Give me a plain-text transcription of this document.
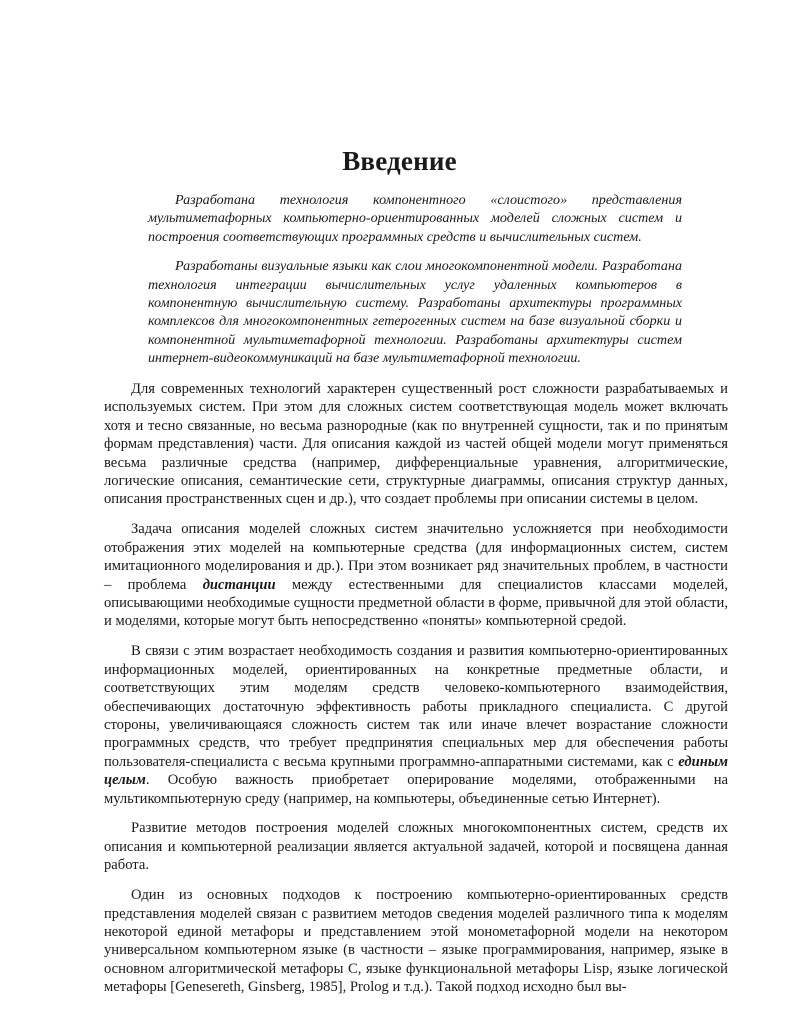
Введение

Разработана технология компонентного «слоистого» представления мультиметафорных компьютерно-ориентированных моделей сложных систем и построения соответствующих программных средств и вычислительных систем.

Разработаны визуальные языки как слои многокомпонентной модели. Разработана технология интеграции вычислительных услуг удаленных компьютеров в компонентную вычислительную систему. Разработаны архитектуры программных комплексов для многокомпонентных гетерогенных систем на базе визуальной сборки и компонентной мультиметафорной технологии. Разработаны архитектуры систем интернет-видеокоммуникаций на базе мультиметафорной технологии.

Для современных технологий характерен существенный рост сложности разрабатываемых и используемых систем. При этом для сложных систем соответствующая модель может включать хотя и тесно связанные, но весьма разнородные (как по внутренней сущности, так и по принятым формам представления) части. Для описания каждой из частей общей модели могут применяться весьма различные средства (например, дифференциальные уравнения, алгоритмические, логические описания, семантические сети, структурные диаграммы, описания структур данных, описания пространственных сцен и др.), что создает проблемы при описании системы в целом.

Задача описания моделей сложных систем значительно усложняется при необходимости отображения этих моделей на компьютерные средства (для информационных систем, систем имитационного моделирования и др.). При этом возникает ряд значительных проблем, в частности – проблема дистанции между естественными для специалистов классами моделей, описывающими необходимые сущности предметной области в форме, привычной для этой области, и моделями, которые могут быть непосредственно «поняты» компьютерной средой.

В связи с этим возрастает необходимость создания и развития компьютерно-ориентированных информационных моделей, ориентированных на конкретные предметные области, и соответствующих этим моделям средств человеко-компьютерного взаимодействия, обеспечивающих достаточную эффективность работы прикладного специалиста. С другой стороны, увеличивающаяся сложность систем так или иначе влечет возрастание сложности программных средств, что требует предпринятия специальных мер для обеспечения работы пользователя-специалиста с весьма крупными программно-аппаратными системами, как с единым целым. Особую важность приобретает оперирование моделями, отображенными на мультикомпьютерную среду (например, на компьютеры, объединенные сетью Интернет).

Развитие методов построения моделей сложных многокомпонентных систем, средств их описания и компьютерной реализации является актуальной задачей, которой и посвящена данная работа.

Один из основных подходов к построению компьютерно-ориентированных средств представления моделей связан с развитием методов сведения моделей различного типа к моделям некоторой единой метафоры и представлением этой монометафорной модели на некотором универсальном компьютерном языке (в частности – языке программирования, например, языке в основном алгоритмической метафоры С, языке функциональной метафоры Lisp, языке логической метафоры [Genesereth, Ginsberg, 1985], Prolog и т.д.). Такой подход исходно был вы-
